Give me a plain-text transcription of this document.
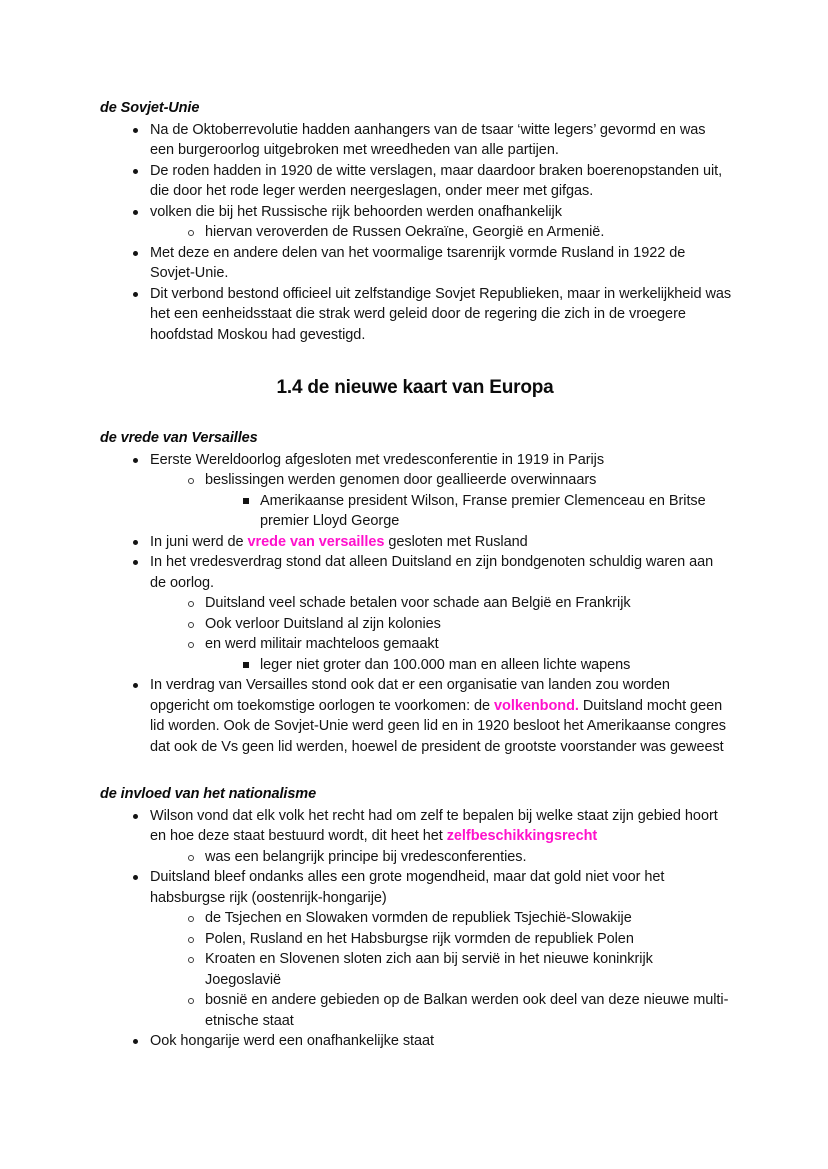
de Sovjet-Unie
Na de Oktoberrevolutie hadden aanhangers van de tsaar ‘witte legers’ gevormd en was een burgeroorlog uitgebroken met wreedheden van alle partijen.
De roden hadden in 1920 de witte verslagen, maar daardoor braken boerenopstanden uit, die door het rode leger werden neergeslagen, onder meer met gifgas.
volken die bij het Russische rijk behoorden werden onafhankelijk
hiervan veroverden de Russen Oekraïne, Georgië en Armenië.
Met deze en andere delen van het voormalige tsarenrijk vormde Rusland in 1922 de Sovjet-Unie.
Dit verbond bestond officieel uit zelfstandige Sovjet Republieken, maar in werkelijkheid was het een eenheidsstaat die strak werd geleid door de regering die zich in de vroegere hoofdstad Moskou had gevestigd.
1.4 de nieuwe kaart van Europa
de vrede van Versailles
Eerste Wereldoorlog afgesloten met vredesconferentie in 1919 in Parijs
beslissingen werden genomen door geallieerde overwinnaars
Amerikaanse president Wilson, Franse premier Clemenceau en Britse premier Lloyd George
In juni werd de vrede van versailles gesloten met Rusland
In het vredesverdrag stond dat alleen Duitsland en zijn bondgenoten schuldig waren aan de oorlog.
Duitsland veel schade betalen voor schade aan België en Frankrijk
Ook verloor Duitsland al zijn kolonies
en werd militair machteloos gemaakt
leger niet groter dan 100.000 man en alleen lichte wapens
In verdrag van Versailles stond ook dat er een organisatie van landen zou worden opgericht om toekomstige oorlogen te voorkomen: de volkenbond. Duitsland mocht geen lid worden. Ook de Sovjet-Unie werd geen lid en in 1920 besloot het Amerikaanse congres dat ook de Vs geen lid werden, hoewel de president de grootste voorstander was geweest
de invloed van het nationalisme
Wilson vond dat elk volk het recht had om zelf te bepalen bij welke staat zijn gebied hoort en hoe deze staat bestuurd wordt, dit heet het zelfbeschikkingsrecht
was een belangrijk principe bij vredesconferenties.
Duitsland bleef ondanks alles een grote mogendheid, maar dat gold niet voor het habsburgse rijk (oostenrijk-hongarije)
de Tsjechen en Slowaken vormden de republiek Tsjechië-Slowakije
Polen, Rusland en het Habsburgse rijk vormden de republiek Polen
Kroaten en Slovenen sloten zich aan bij servië in het nieuwe koninkrijk Joegoslavië
bosnië en andere gebieden op de Balkan werden ook deel van deze nieuwe multi-etnische staat
Ook hongarije werd een onafhankelijke staat
